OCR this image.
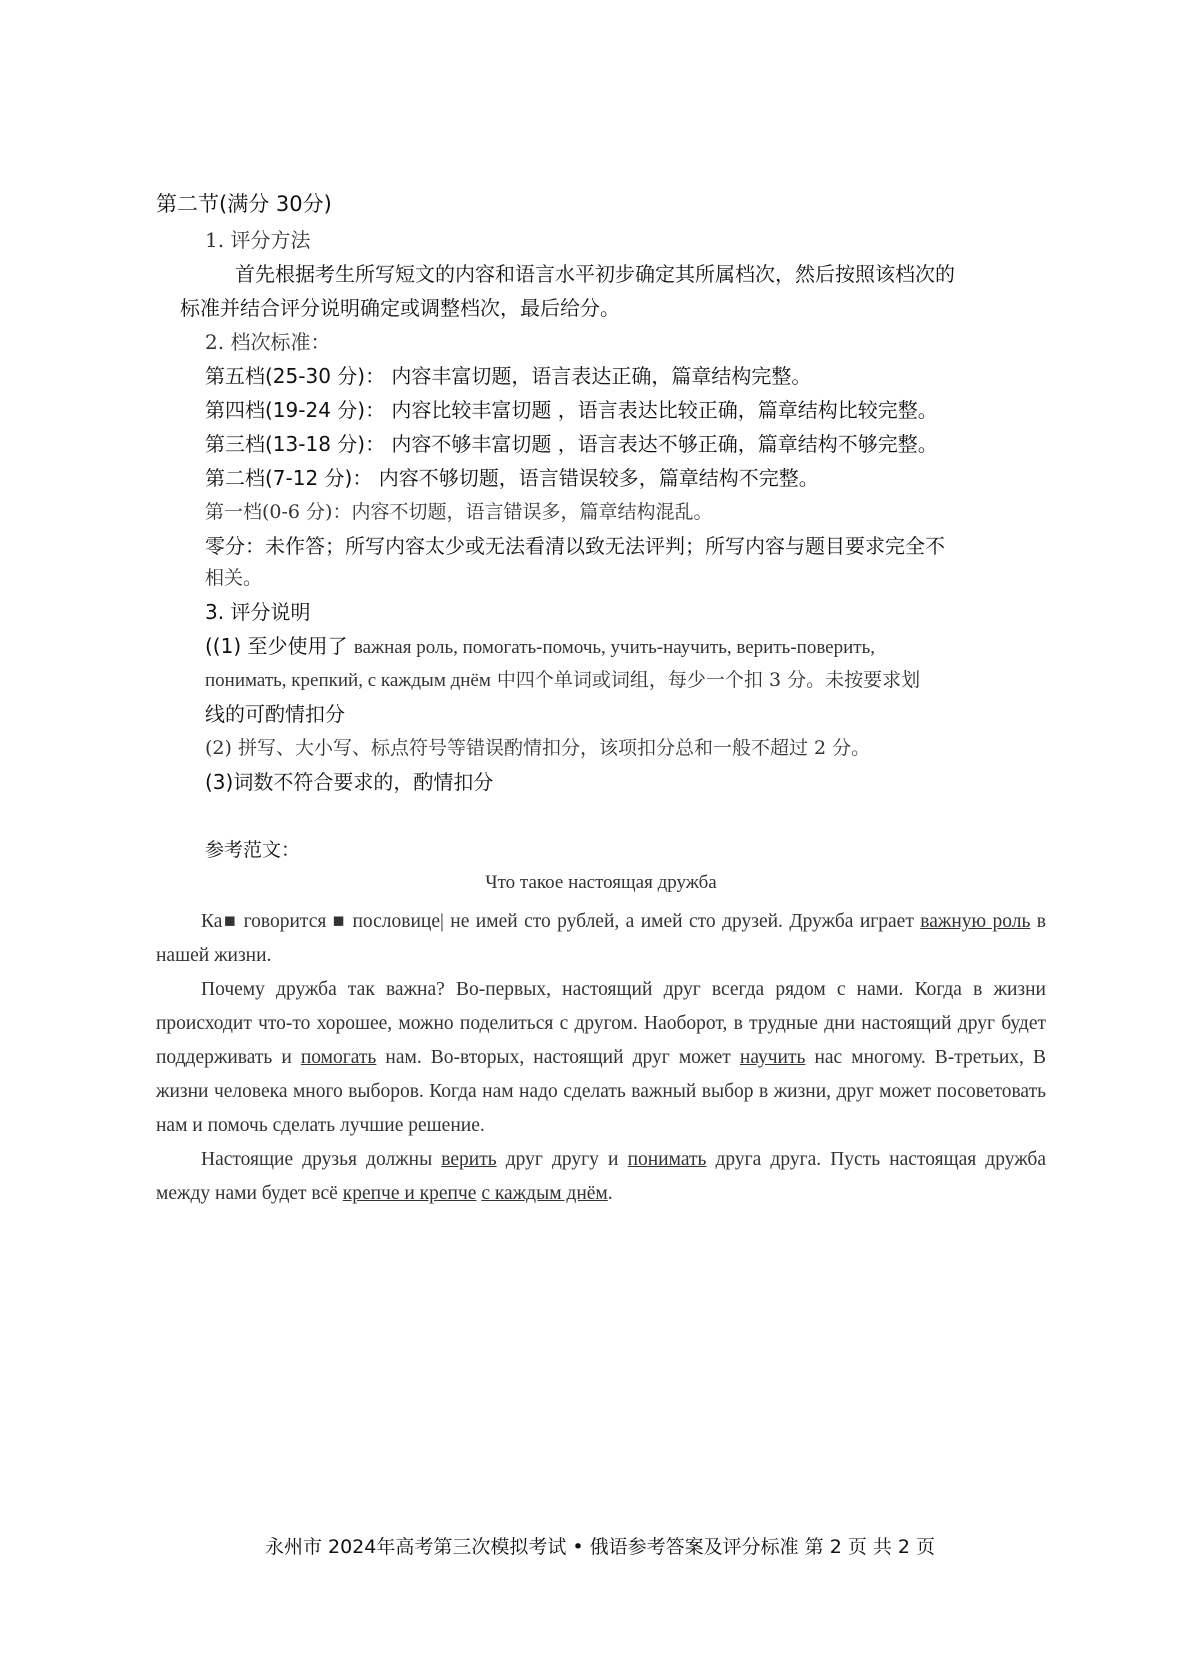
第二节(满分 30分)
1. 评分方法
首先根据考生所写短文的内容和语言水平初步确定其所属档次，然后按照该档次的
标准并结合评分说明确定或调整档次，最后给分。
2. 档次标准：
第五档(25-30 分)： 内容丰富切题，语言表达正确，篇章结构完整。
第四档(19-24 分)： 内容比较丰富切题 ，语言表达比较正确，篇章结构比较完整。
第三档(13-18 分)： 内容不够丰富切题 ，语言表达不够正确，篇章结构不够完整。
第二档(7-12 分)： 内容不够切题，语言错误较多，篇章结构不完整。
第一档(0-6 分)：内容不切题，语言错误多，篇章结构混乱。
零分：未作答；所写内容太少或无法看清以致无法评判；所写内容与题目要求完全不
相关。
3. 评分说明
((1) 至少使用了 важная роль, помогать-помочь, учить-научить, верить-поверить,
понимать, крепкий, с каждым днём 中四个单词或词组，每少一个扣 3 分。未按要求划
线的可酌情扣分
(2) 拼写、大小写、标点符号等错误酌情扣分，该项扣分总和一般不超过 2 分。
(3)词数不符合要求的，酌情扣分
参考范文：
Что такое настоящая дружба

Ка■ говорится ■ пословице| не имей сто рублей, а имей сто друзей. Дружба играет важную роль в нашей жизни.

Почему дружба так важна? Во-первых, настоящий друг всегда рядом с нами. Когда в жизни происходит что-то хорошее, можно поделиться с другом. Наоборот, в трудные дни настоящий друг будет поддерживать и помогать нам. Во-вторых, настоящий друг может научить нас многому. В-третьих, В жизни человека много выборов. Когда нам надо сделать важный выбор в жизни, друг может посоветовать нам и помочь сделать лучшие решение.

Настоящие друзья должны верить друг другу и понимать друга друга. Пусть настоящая дружба между нами будет всё крепче и крепче с каждым днём.

永州市 2024年高考第三次模拟考试 • 俄语参考答案及评分标准 第 2 页 共 2 页
